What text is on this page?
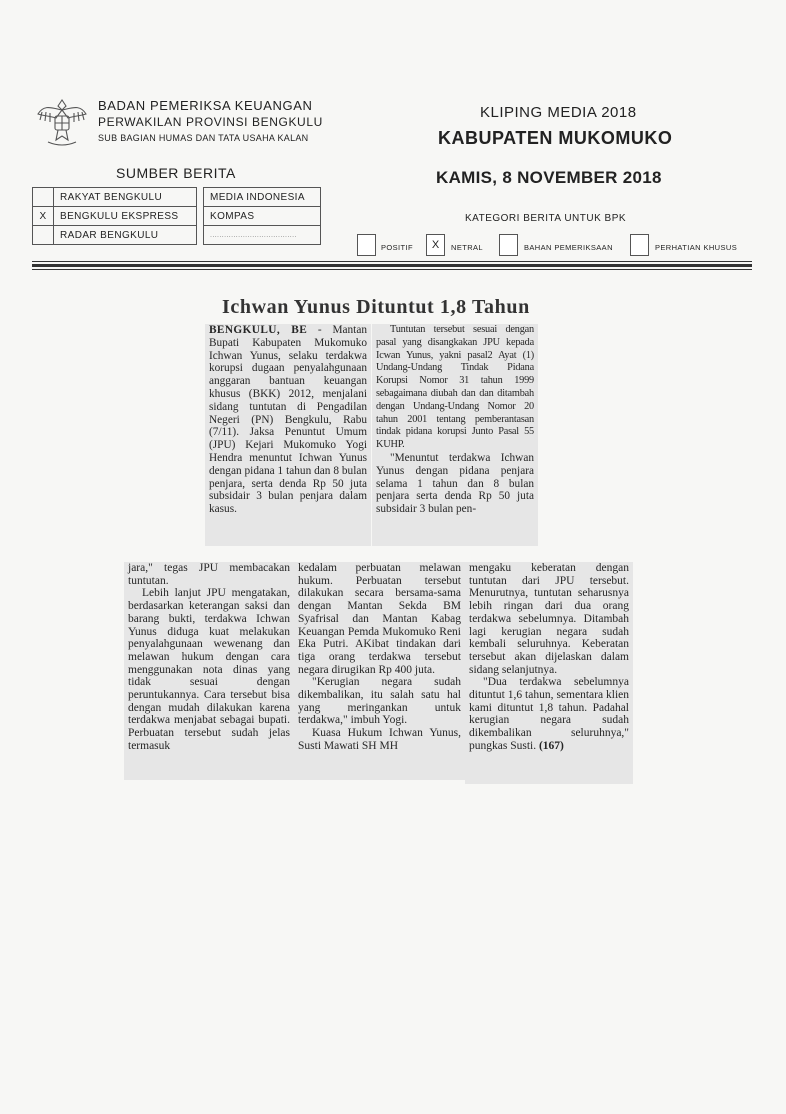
BADAN PEMERIKSA KEUANGAN
PERWAKILAN PROVINSI BENGKULU
SUB BAGIAN HUMAS DAN TATA USAHA KALAN
KLIPING MEDIA 2018
KABUPATEN MUKOMUKO
KAMIS, 8 NOVEMBER 2018
SUMBER BERITA
	RAKYAT BENGKULU		MEDIA INDONESIA
X	BENGKULU EKSPRESS		KOMPAS
	RADAR BENGKULU		.....................................
KATEGORI BERITA UNTUK BPK
POSITIF	X	NETRAL	BAHAN PEMERIKSAAN	PERHATIAN KHUSUS
Ichwan Yunus Dituntut 1,8 Tahun

BENGKULU, BE - Mantan Bupati Kabupaten Mukomuko Ichwan Yunus, selaku terdakwa korupsi dugaan penyalahgunaan anggaran bantuan keuangan khusus (BKK) 2012, menjalani sidang tuntutan di Pengadilan Negeri (PN) Bengkulu, Rabu (7/11). Jaksa Penuntut Umum (JPU) Kejari Mukomuko Yogi Hendra menuntut Ichwan Yunus dengan pidana 1 tahun dan 8 bulan penjara, serta denda Rp 50 juta subsidair 3 bulan penjara dalam kasus.

Tuntutan tersebut sesuai dengan pasal yang disangkakan JPU kepada Icwan Yunus, yakni pasal2 Ayat (1) Undang-Undang Tindak Pidana Korupsi Nomor 31 tahun 1999 sebagaimana diubah dan dan ditambah dengan Undang-Undang Nomor 20 tahun 2001 tentang pemberantasan tindak pidana korupsi Junto Pasal 55 KUHP.

"Menuntut terdakwa Ichwan Yunus dengan pidana penjara selama 1 tahun dan 8 bulan penjara serta denda Rp 50 juta subsidair 3 bulan pen-

jara," tegas JPU membacakan tuntutan.

Lebih lanjut JPU mengatakan, berdasarkan keterangan saksi dan barang bukti, terdakwa Ichwan Yunus diduga kuat melakukan penyalahgunaan wewenang dan melawan hukum dengan cara menggunakan nota dinas yang tidak sesuai dengan peruntukannya. Cara tersebut bisa dengan mudah dilakukan karena terdakwa menjabat sebagai bupati. Perbuatan tersebut sudah jelas termasuk

kedalam perbuatan melawan hukum. Perbuatan tersebut dilakukan secara bersama-sama dengan Mantan Sekda BM Syafrisal dan Mantan Kabag Keuangan Pemda Mukomuko Reni Eka Putri. AKibat tindakan dari tiga orang terdakwa tersebut negara dirugikan Rp 400 juta.

"Kerugian negara sudah dikembalikan, itu salah satu hal yang meringankan untuk terdakwa," imbuh Yogi.

Kuasa Hukum Ichwan Yunus, Susti Mawati SH MH

mengaku keberatan dengan tuntutan dari JPU tersebut. Menurutnya, tuntutan seharusnya lebih ringan dari dua orang terdakwa sebelumnya. Ditambah lagi kerugian negara sudah kembali seluruhnya. Keberatan tersebut akan dijelaskan dalam sidang selanjutnya.

"Dua terdakwa sebelumnya dituntut 1,6 tahun, sementara klien kami dituntut 1,8 tahun. Padahal kerugian negara sudah dikembalikan seluruhnya," pungkas Susti. (167)
